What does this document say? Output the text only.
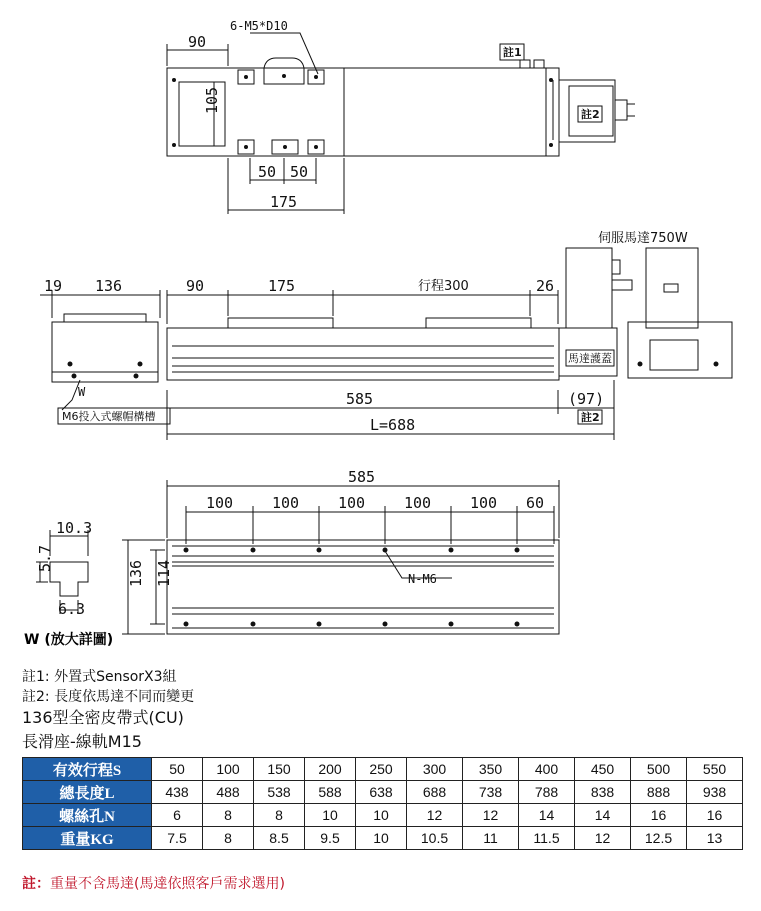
6-M5*D10
90
105
50 50
175
註1
註2
伺服馬達750W
19 136	90	175	行程300	26
馬達護蓋
585	(97)
L=688	註2
W
M6投入式螺帽構槽
585
100	100	100	100	100 60
N-M6
136 114
10.3
5.7
6.3
W (放大詳圖)
註1: 外置式SensorX3組
註2: 長度依馬達不同而變更
136型全密皮帶式(CU)
長滑座-線軌M15
有效行程S	50	100	150	200	250	300	350	400	450	500	550
總長度L	438	488	538	588	638	688	738	788	838	888	938
螺絲孔N	6	8	8	10	10	12	12	14	14	16	16
重量KG	7.5	8	8.5	9.5	10	10.5	11	11.5	12	12.5	13
註：重量不含馬達(馬達依照客戶需求選用)
